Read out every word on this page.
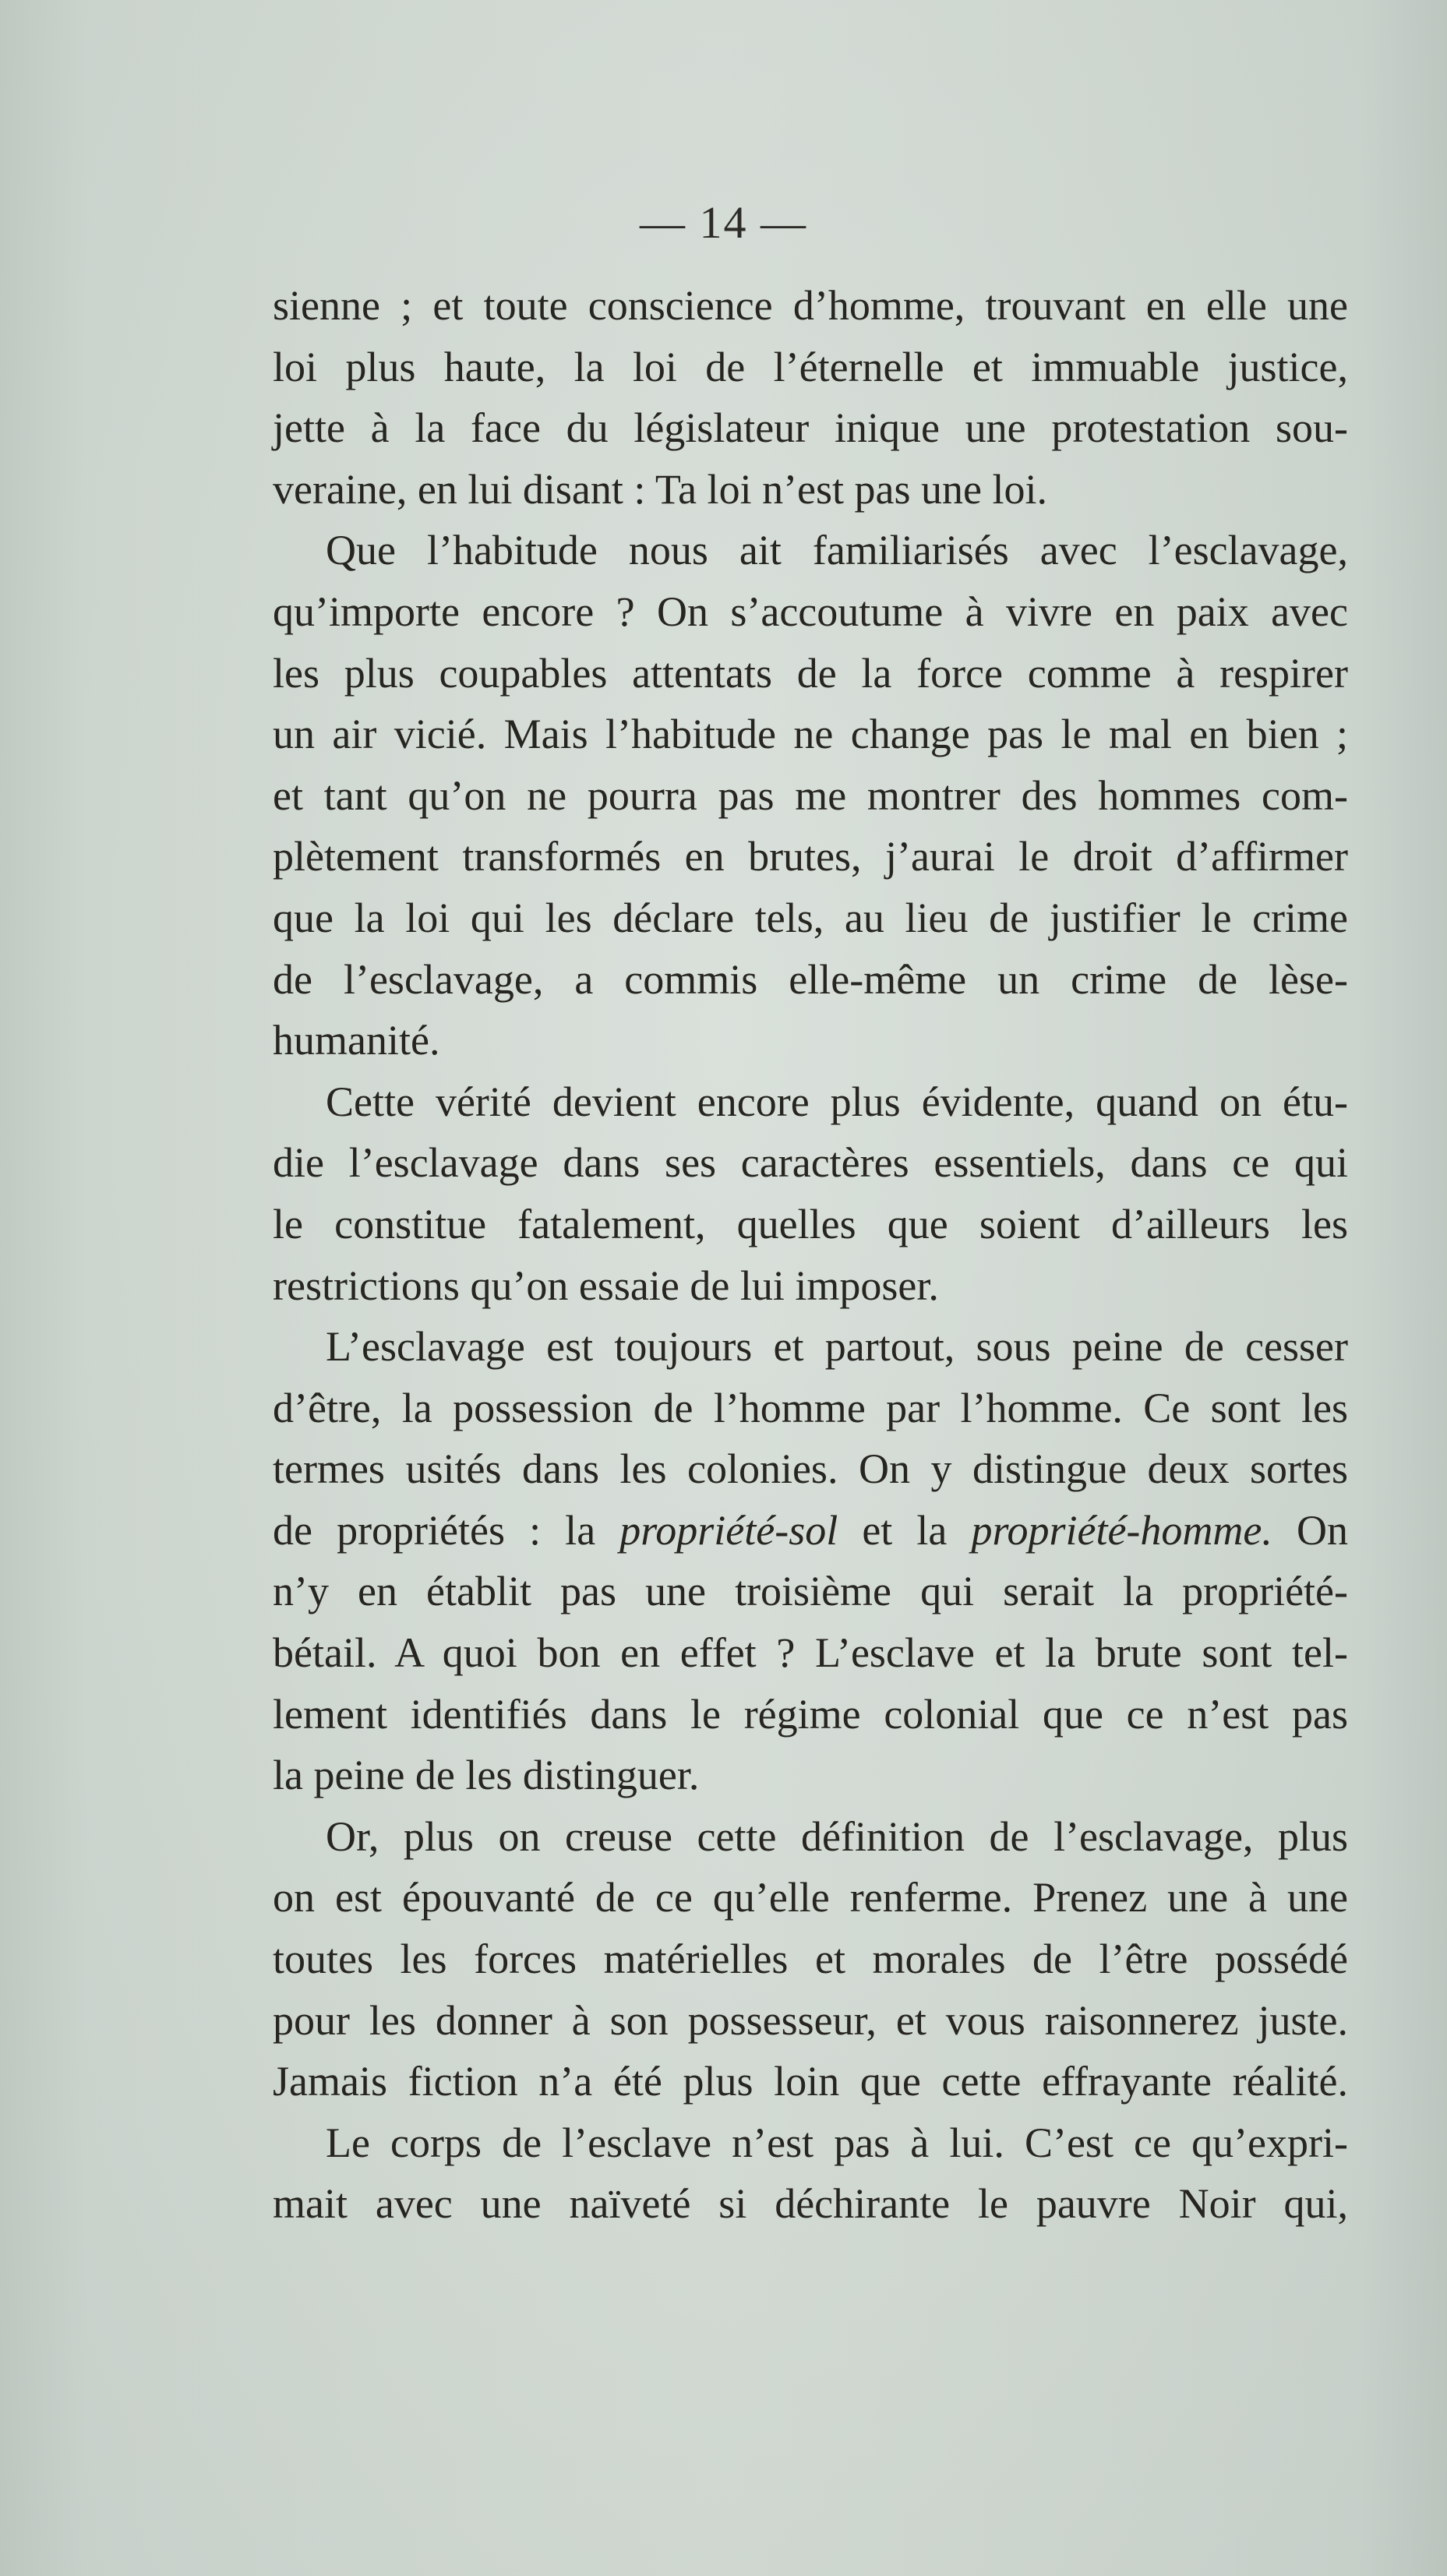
— 14 —
sienne ; et toute conscience d’homme, trouvant en elle une
loi plus haute, la loi de l’éternelle et immuable justice,
jette à la face du législateur inique une protestation sou-
veraine, en lui disant : Ta loi n’est pas une loi.
Que l’habitude nous ait familiarisés avec l’esclavage,
qu’importe encore ? On s’accoutume à vivre en paix avec
les plus coupables attentats de la force comme à respirer
un air vicié. Mais l’habitude ne change pas le mal en bien ;
et tant qu’on ne pourra pas me montrer des hommes com-
plètement transformés en brutes, j’aurai le droit d’affirmer
que la loi qui les déclare tels, au lieu de justifier le crime
de l’esclavage, a commis elle-même un crime de lèse-
humanité.
Cette vérité devient encore plus évidente, quand on étu-
die l’esclavage dans ses caractères essentiels, dans ce qui
le constitue fatalement, quelles que soient d’ailleurs les
restrictions qu’on essaie de lui imposer.
L’esclavage est toujours et partout, sous peine de cesser
d’être, la possession de l’homme par l’homme. Ce sont les
termes usités dans les colonies. On y distingue deux sortes
de propriétés : la propriété-sol et la propriété-homme. On
n’y en établit pas une troisième qui serait la propriété-
bétail. A quoi bon en effet ? L’esclave et la brute sont tel-
lement identifiés dans le régime colonial que ce n’est pas
la peine de les distinguer.
Or, plus on creuse cette définition de l’esclavage, plus
on est épouvanté de ce qu’elle renferme. Prenez une à une
toutes les forces matérielles et morales de l’être possédé
pour les donner à son possesseur, et vous raisonnerez juste.
Jamais fiction n’a été plus loin que cette effrayante réalité.
Le corps de l’esclave n’est pas à lui. C’est ce qu’expri-
mait avec une naïveté si déchirante le pauvre Noir qui,
